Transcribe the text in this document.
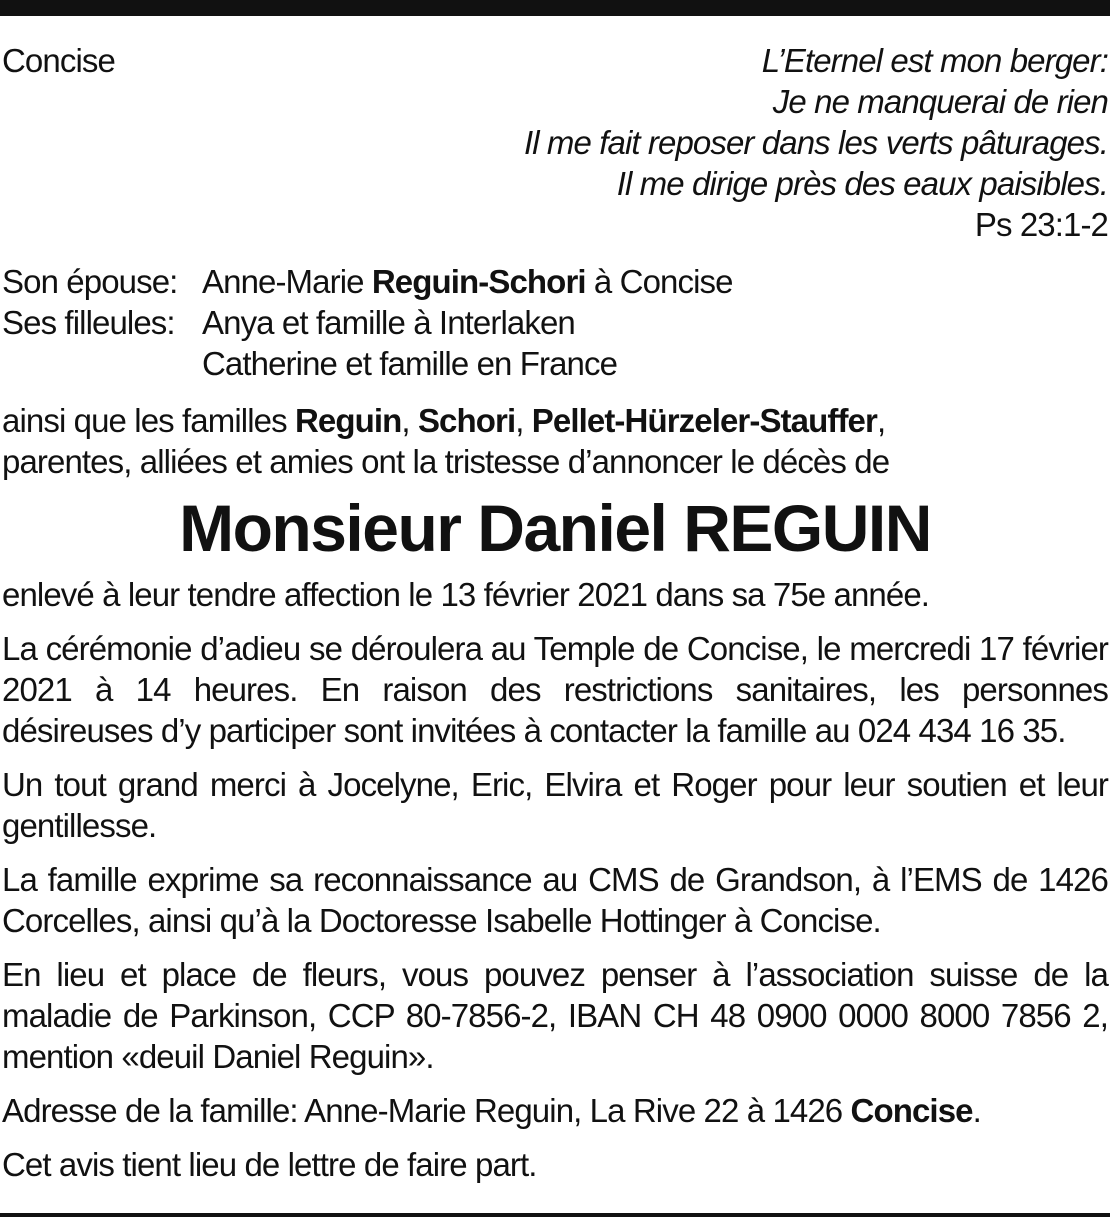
Concise	L’Eternel est mon berger:
Je ne manquerai de rien
Il me fait reposer dans les verts pâturages.
Il me dirige près des eaux paisibles.
Ps 23:1-2
Son épouse:	Anne-Marie Reguin-Schori à Concise
Ses filleules:	Anya et famille à Interlaken
	Catherine et famille en France
ainsi que les familles Reguin, Schori, Pellet-Hürzeler-Stauffer,
parentes, alliées et amies ont la tristesse d’annoncer le décès de
Monsieur Daniel REGUIN

enlevé à leur tendre affection le 13 février 2021 dans sa 75e année.

La cérémonie d’adieu se déroulera au Temple de Concise, le mercredi 17 février 2021 à 14 heures. En raison des restrictions sanitaires, les personnes désireuses d’y participer sont invitées à contacter la famille au 024 434 16 35.

Un tout grand merci à Jocelyne, Eric, Elvira et Roger pour leur soutien et leur gentillesse.

La famille exprime sa reconnaissance au CMS de Grandson, à l’EMS de 1426 Corcelles, ainsi qu’à la Doctoresse Isabelle Hottinger à Concise.

En lieu et place de fleurs, vous pouvez penser à l’association suisse de la maladie de Parkinson, CCP 80-7856-2, IBAN CH 48 0900 0000 8000 7856 2, mention «deuil Daniel Reguin».

Adresse de la famille: Anne-Marie Reguin, La Rive 22 à 1426 Concise.

Cet avis tient lieu de lettre de faire part.
